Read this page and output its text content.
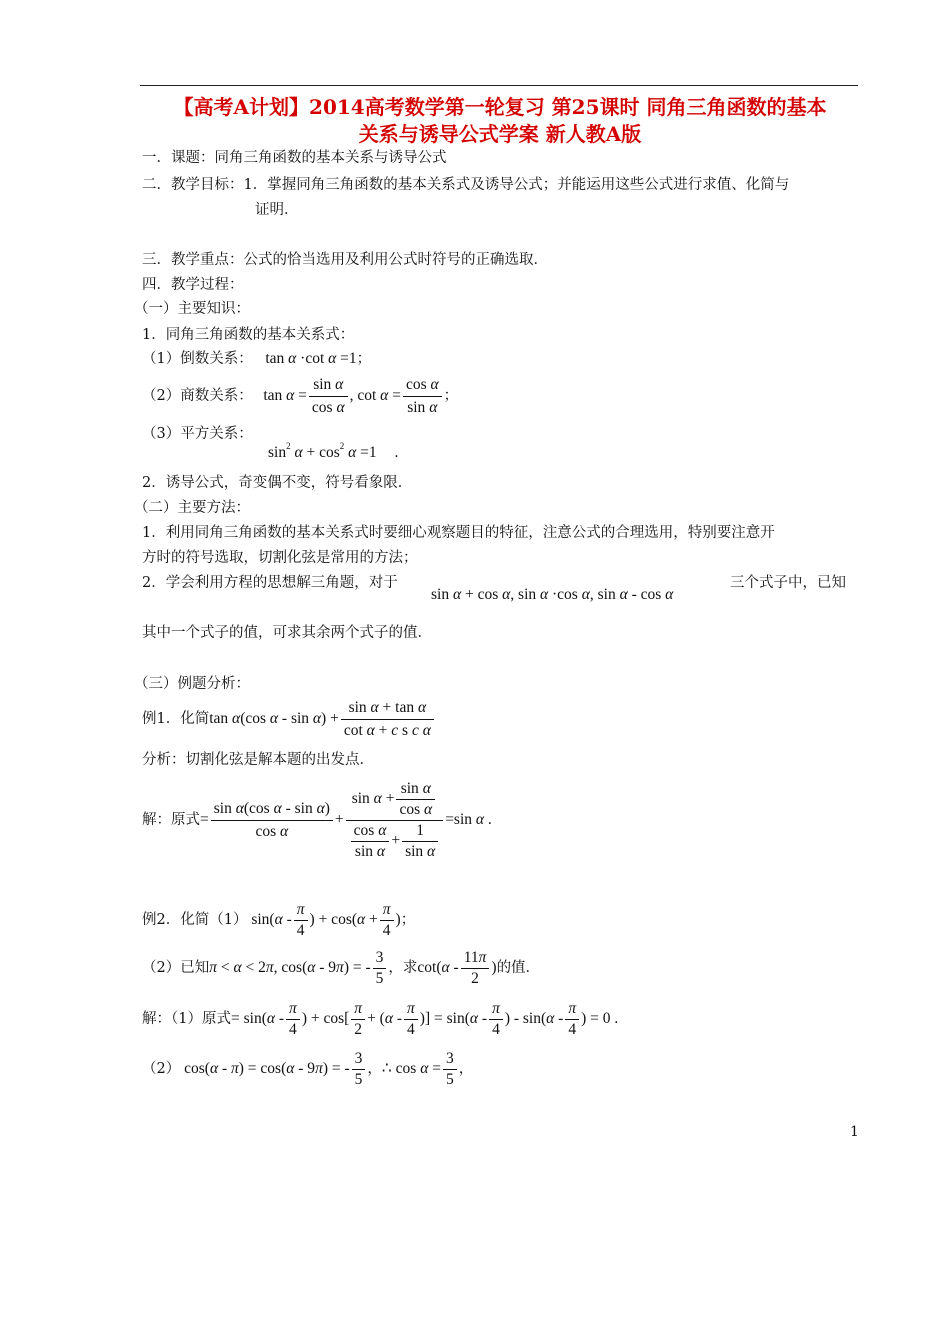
【高考A计划】2014高考数学第一轮复习 第25课时 同角三角函数的基本
关系与诱导公式学案 新人教A版
一．课题：同角三角函数的基本关系与诱导公式
二．教学目标：1．掌握同角三角函数的基本关系式及诱导公式；并能运用这些公式进行求值、化简与
证明．
三．教学重点：公式的恰当选用及利用公式时符号的正确选取．
四．教学过程：
（一）主要知识：
1．同角三角函数的基本关系式：
（1）倒数关系： tan α ·cot α =1；
（2）商数关系： $\tan \alpha = \frac{\text{sin α}}{\text{cos α}}$ , $\cot \alpha = \frac{\text{cos α}}{\text{sin α}}$ ；
（3）平方关系：
$\sin^2 \alpha + \cos^2 \alpha =1$ .
2．诱导公式，奇变偶不变，符号看象限．
（二）主要方法：
1．利用同角三角函数的基本关系式时要细心观察题目的特征，注意公式的合理选用，特别要注意开
方时的符号选取，切割化弦是常用的方法；
2．学会利用方程的思想解三角题，对于
sin α + cos α, sin α ·cos α, sin α - cos α
三个式子中，已知
其中一个式子的值，可求其余两个式子的值．
（三）例题分析：
例1．化简tan α(cos $\alpha - \sin \alpha) + \frac{\text{sin α + tan α}}{\text{cot α + c s c α}}$
分析：切割化弦是解本题的出发点．
解：原式= $\frac{\text{sin α(cos α - sin α)}}{\text{cos α}} + \frac{\sin \alpha + \frac{\text{sin α}}{\text{cos α}}}{\frac{\text{cos α}}{\text{sin α}} + \frac{1}{\text{sin α}}} =\sin$ α .
例2．化简（1） $\sin(\alpha - \frac{\pi}{4}$ ) + $\cos(\alpha + \frac{\pi}{4}$ )；
（2）已知π < α < 2π, cos(α - 9π) = - $\frac{3}{5}$ ，求$\cot(\alpha - \frac{11\pi}{2}$ )的值．
解：（1）原式= $\sin(\alpha - \frac{\pi}{4}$ ) + $\cos[ \frac{\pi}{2} + (\alpha - \frac{\pi}{4}$ )] = $\sin(\alpha - \frac{\pi}{4}$ ) - $\sin(\alpha - \frac{\pi}{4}$ ) = 0 .
（2） cos(α - π) = cos(α - 9π) = - $\frac{3}{5}$ ，∴ $\cos \alpha = \frac{3}{5}$ ，
1
